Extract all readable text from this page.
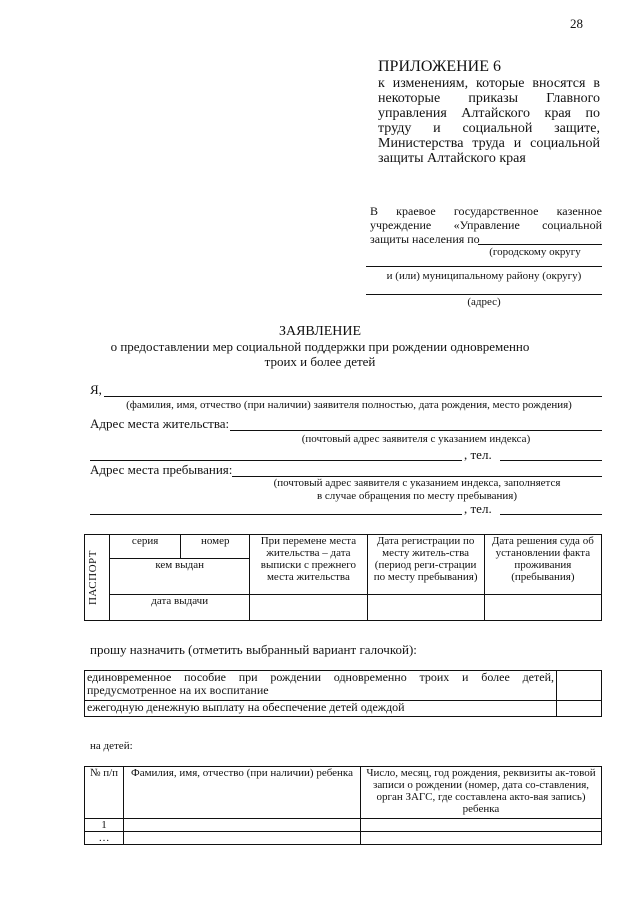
28
ПРИЛОЖЕНИЕ 6
к изменениям, которые вносятся в некоторые приказы Главного управления Алтайского края по труду и социальной защите, Министерства труда и социальной защиты Алтайского края
В краевое государственное казенное учреждение «Управление социальной защиты населения по
(городскому округу
и (или) муниципальному району (округу)
(адрес)
ЗАЯВЛЕНИЕ
о предоставлении мер социальной поддержки при рождении одновременно
троих и более детей
Я,
(фамилия, имя, отчество (при наличии) заявителя полностью, дата рождения, место рождения)
Адрес места жительства:
(почтовый адрес заявителя с указанием индекса)
, тел.
Адрес места пребывания:
(почтовый адрес заявителя с указанием индекса, заполняется
в случае обращения по месту пребывания)
, тел.
ПАСПОРТ	серия	номер	При перемене места жительства – дата выписки с прежнего места жительства	Дата регистрации по месту житель-ства (период реги-страции по месту пребывания)	Дата решения суда об установлении факта проживания (пребывания)
	кем выдан				
	дата выдачи				
прошу назначить (отметить выбранный вариант галочкой):
единовременное пособие при рождении одновременно троих и более детей, предусмотренное на их воспитание	
ежегодную денежную выплату на обеспечение детей одеждой	
на детей:
№ п/п	Фамилия, имя, отчество (при наличии) ребенка	Число, месяц, год рождения, реквизиты ак-товой записи о рождении (номер, дата со-ставления, орган ЗАГС, где составлена акто-вая запись) ребенка
1		
…		
